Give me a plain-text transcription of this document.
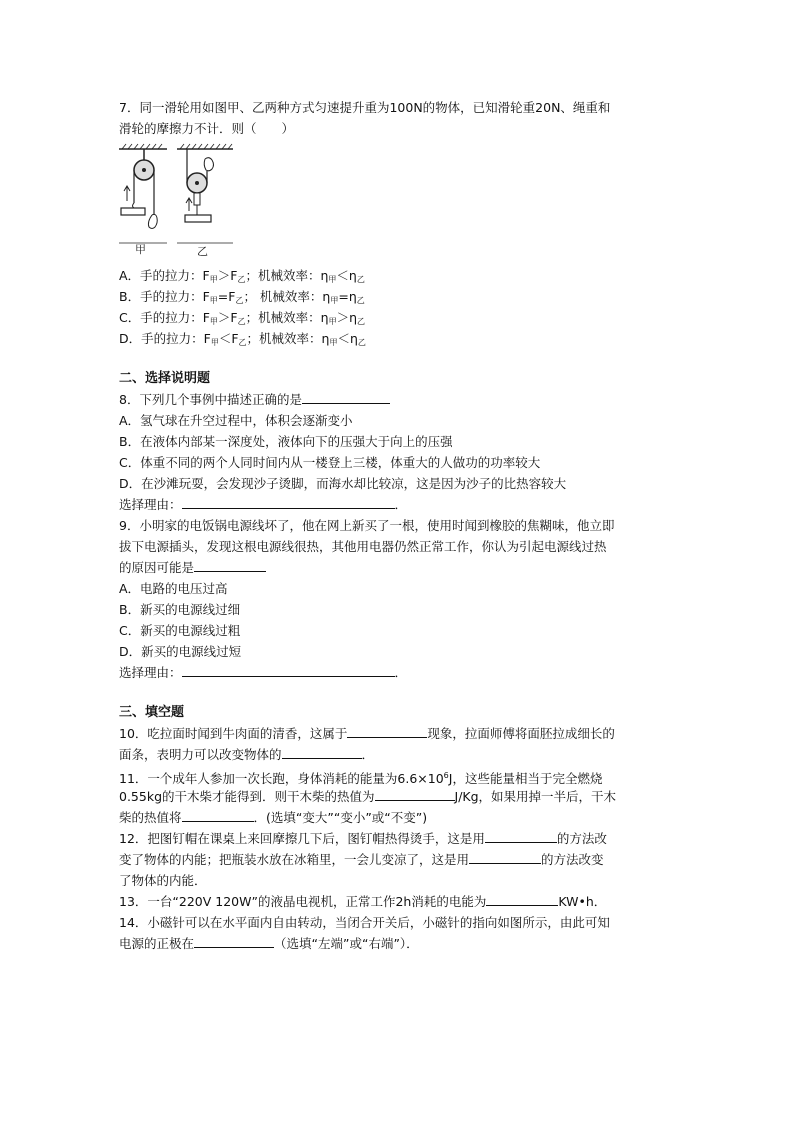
7．同一滑轮用如图甲、乙两种方式匀速提升重为100N的物体，已知滑轮重20N、绳重和
滑轮的摩擦力不计．则（　　）
甲	乙
A．手的拉力：$F_甲>F_乙$；机械效率：$\eta_甲<\eta_乙$
B．手的拉力：$F_甲=F_乙$； 机械效率：$\eta_甲=\eta_乙$
C．手的拉力：$F_甲>F_乙$；机械效率：$\eta_甲>\eta_乙$
D．手的拉力：$F_甲<F_乙$；机械效率：$\eta_甲<\eta_乙$
二、选择说明题
8．下列几个事例中描述正确的是
A．氢气球在升空过程中，体积会逐渐变小
B．在液体内部某一深度处，液体向下的压强大于向上的压强
C．体重不同的两个人同时间内从一楼登上三楼，体重大的人做功的功率较大
D．在沙滩玩耍，会发现沙子烫脚，而海水却比较凉，这是因为沙子的比热容较大
选择理由：	．
9．小明家的电饭锅电源线坏了，他在网上新买了一根，使用时闻到橡胶的焦糊味，他立即
拔下电源插头，发现这根电源线很热，其他用电器仍然正常工作，你认为引起电源线过热
的原因可能是
A．电路的电压过高
B．新买的电源线过细
C．新买的电源线过粗
D．新买的电源线过短
选择理由：	．
三、填空题
10．吃拉面时闻到牛肉面的清香，这属于	现象，拉面师傅将面胚拉成细长的
面条，表明力可以改变物体的	．
11．一个成年人参加一次长跑，身体消耗的能量为$6.6\times 10^6J$，这些能量相当于完全燃烧
0.55kg的干木柴才能得到．则干木柴的热值为	J/Kg，如果用掉一半后，干木
柴的热值将	．(选填“变大”“变小”或“不变”)
12．把图钉帽在课桌上来回摩擦几下后，图钉帽热得烫手，这是用	的方法改
变了物体的内能；把瓶装水放在冰箱里，一会儿变凉了，这是用	的方法改变
了物体的内能．
13．一台“220V 120W”的液晶电视机，正常工作2h消耗的电能为	KW•h．
14．小磁针可以在水平面内自由转动，当闭合开关后，小磁针的指向如图所示，由此可知
电源的正极在	（选填“左端”或“右端”）．
